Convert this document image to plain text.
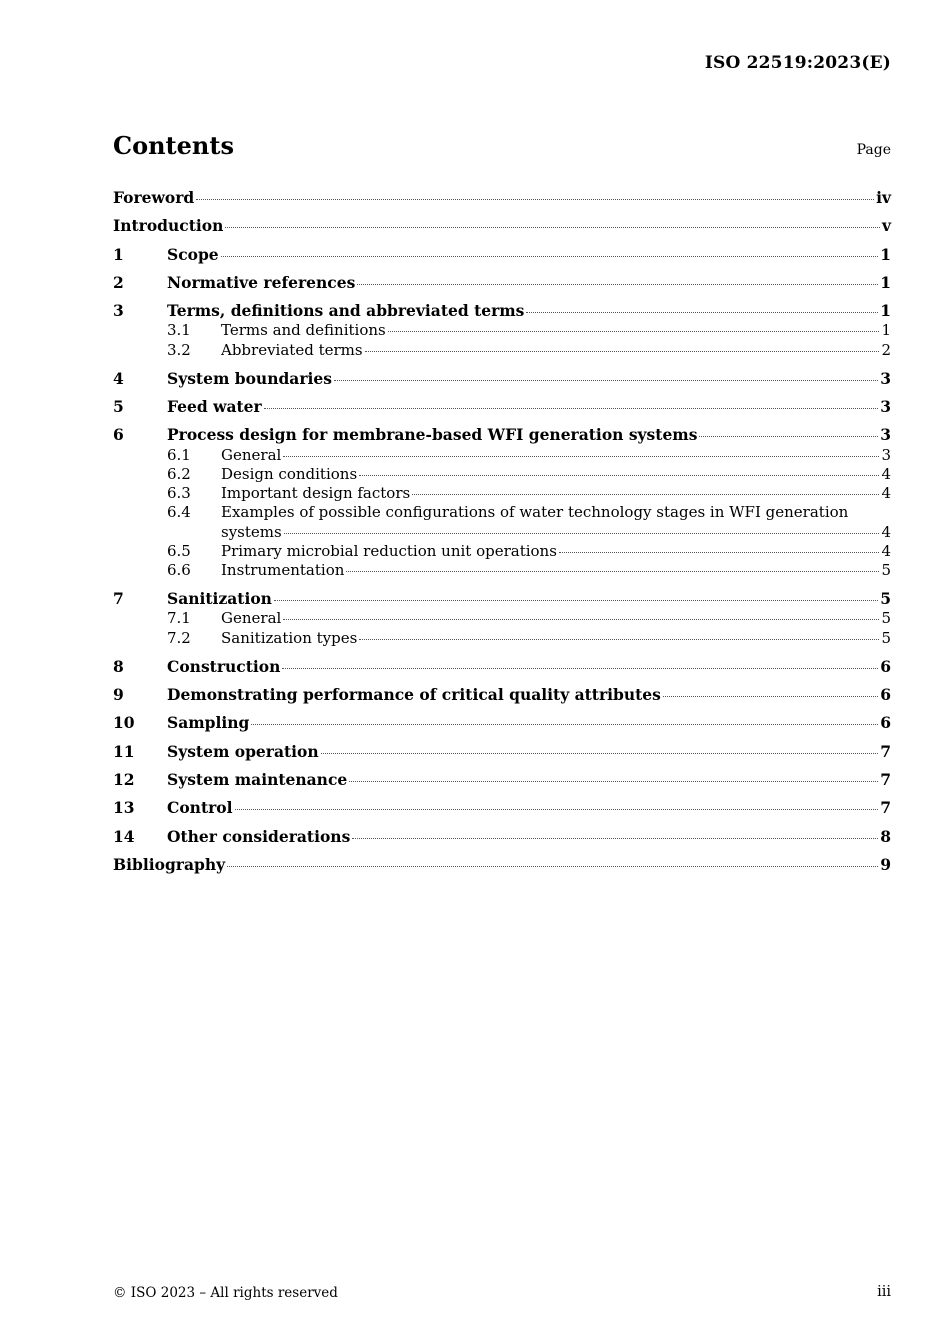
ISO 22519:2023(E)
Contents	Page
Foreword	iv
Introduction	v
1	Scope	1
2	Normative references	1
3	Terms, definitions and abbreviated terms	1
3.1	Terms and definitions	1
3.2	Abbreviated terms	2
4	System boundaries	3
5	Feed water	3
6	Process design for membrane-based WFI generation systems	3
6.1	General	3
6.2	Design conditions	4
6.3	Important design factors	4
6.4	Examples of possible configurations of water technology stages in WFI generation
systems	4
6.5	Primary microbial reduction unit operations	4
6.6	Instrumentation	5
7	Sanitization	5
7.1	General	5
7.2	Sanitization types	5
8	Construction	6
9	Demonstrating performance of critical quality attributes	6
10	Sampling	6
11	System operation	7
12	System maintenance	7
13	Control	7
14	Other considerations	8
Bibliography	9
© ISO 2023 – All rights reserved	iii
